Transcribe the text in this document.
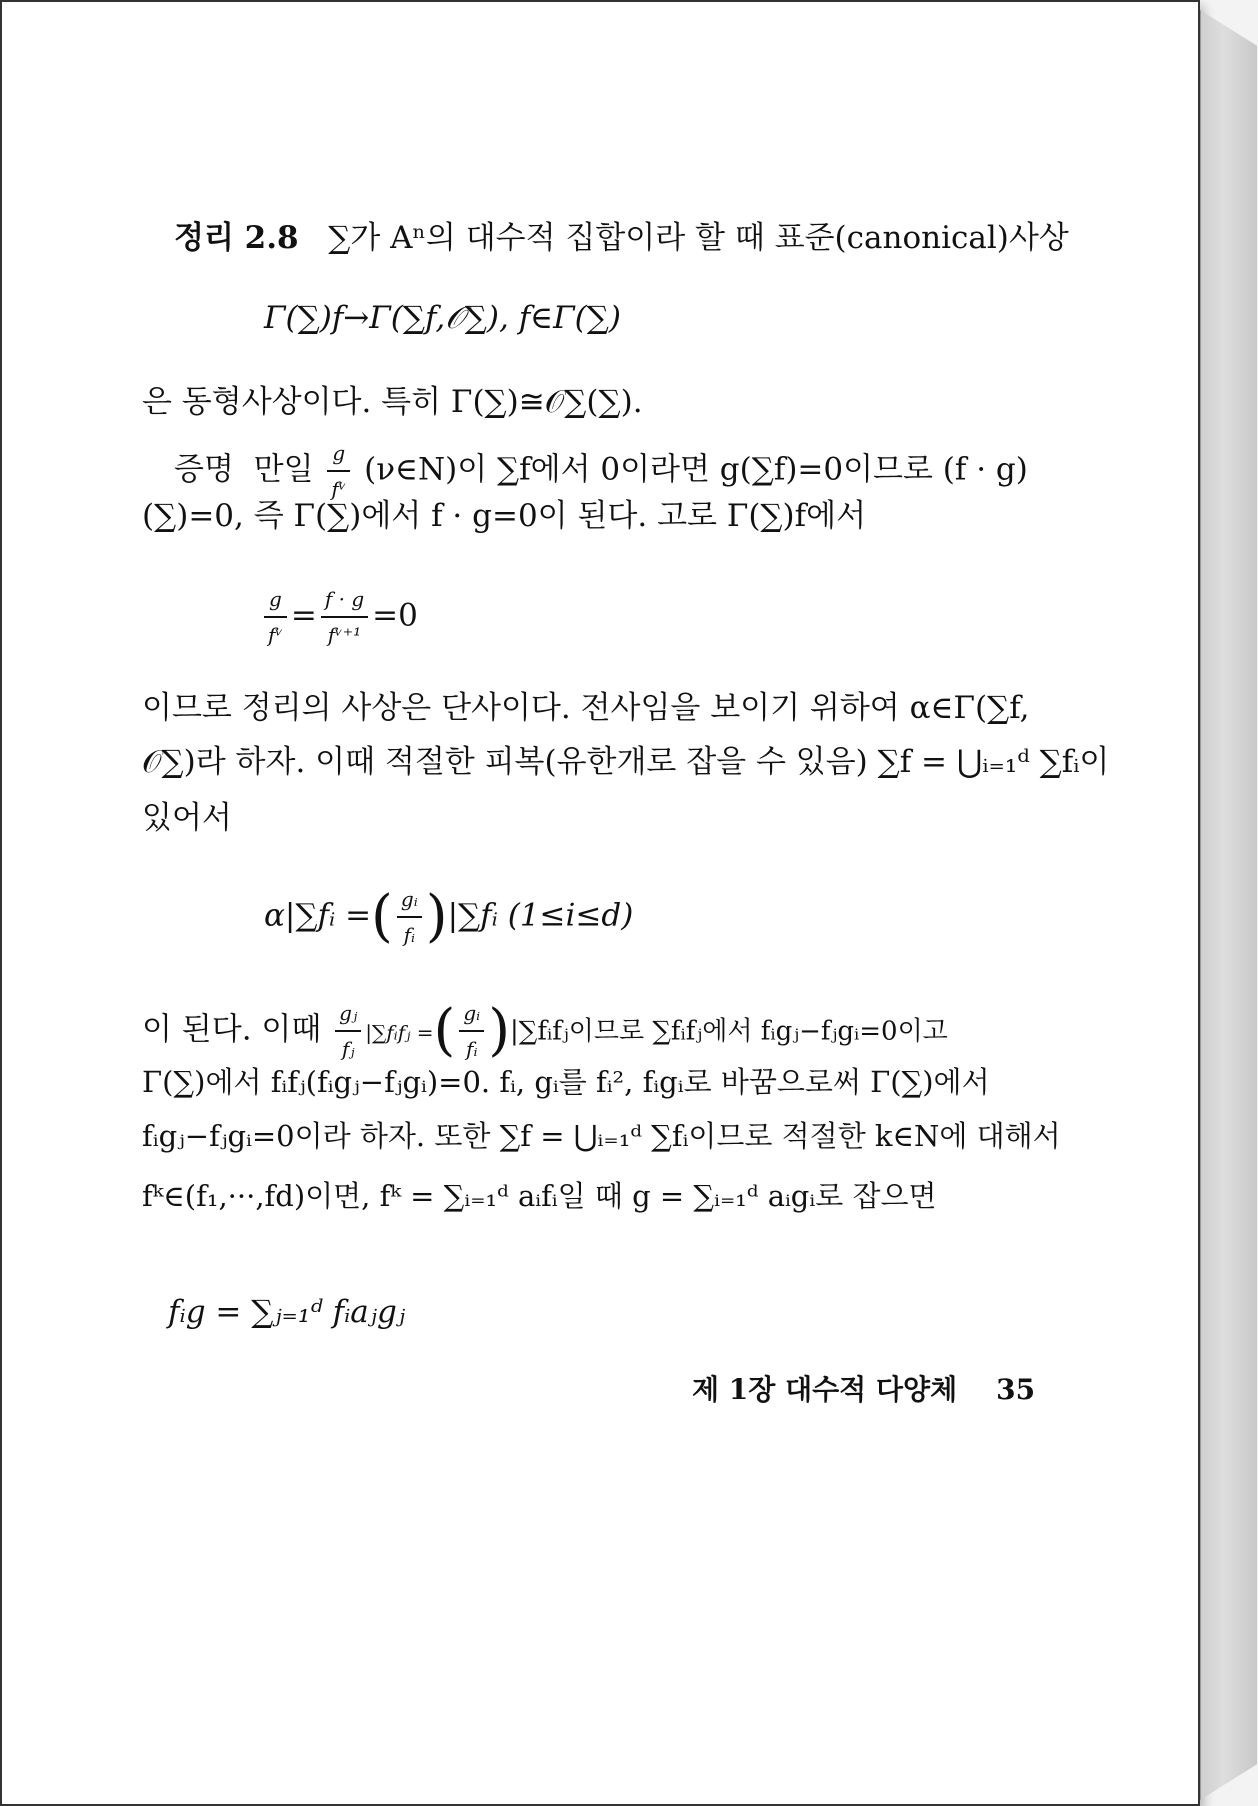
정리 2.8 ∑가 Aⁿ의 대수적 집합이라 할 때 표준(canonical)사상
Γ(∑)f→Γ(∑f,𝒪∑), f∈Γ(∑)
은 동형사상이다. 특히 Γ(∑)≅𝒪∑(∑).
증명 만일 $\frac{g}{\text{fᵛ}}$ (ν∈N)이 ∑f에서 0이라면 g(∑f)=0이므로 (f · g)
(∑)=0, 즉 Γ(∑)에서 f · g=0이 된다. 고로 Γ(∑)f에서
$\frac{g}{\text{fᵛ}} = \frac{f \cdot g}{\text{fᵛ⁺¹}} =0$
이므로 정리의 사상은 단사이다. 전사임을 보이기 위하여 α∈Γ(∑f,
𝒪∑)라 하자. 이때 적절한 피복(유한개로 잡을 수 있음) ∑f = ⋃ᵢ₌₁ᵈ ∑fᵢ이
있어서
α|∑fᵢ =( $\frac{\text{gᵢ}}{\text{fᵢ}}$ )|∑fᵢ (1≤i≤d)
이 된다. 이때 $\frac{\text{gⱼ}}{\text{fⱼ}}$ |∑fᵢfⱼ =( $\frac{\text{gᵢ}}{\text{fᵢ}}$ )|∑fᵢfⱼ이므로 ∑fᵢfⱼ에서 fᵢgⱼ−fⱼgᵢ=0이고
Γ(∑)에서 fᵢfⱼ(fᵢgⱼ−fⱼgᵢ)=0. fᵢ, gᵢ를 fᵢ², fᵢgᵢ로 바꿈으로써 Γ(∑)에서
fᵢgⱼ−fⱼgᵢ=0이라 하자. 또한 ∑f = ⋃ᵢ₌₁ᵈ ∑fᵢ이므로 적절한 k∈N에 대해서
fᵏ∈(f₁,···,fd)이면, fᵏ = ∑ᵢ₌₁ᵈ aᵢfᵢ일 때 g = ∑ᵢ₌₁ᵈ aᵢgᵢ로 잡으면
fᵢg = ∑ⱼ₌₁ᵈ fᵢaⱼgⱼ
제 1장 대수적 다양체 35
